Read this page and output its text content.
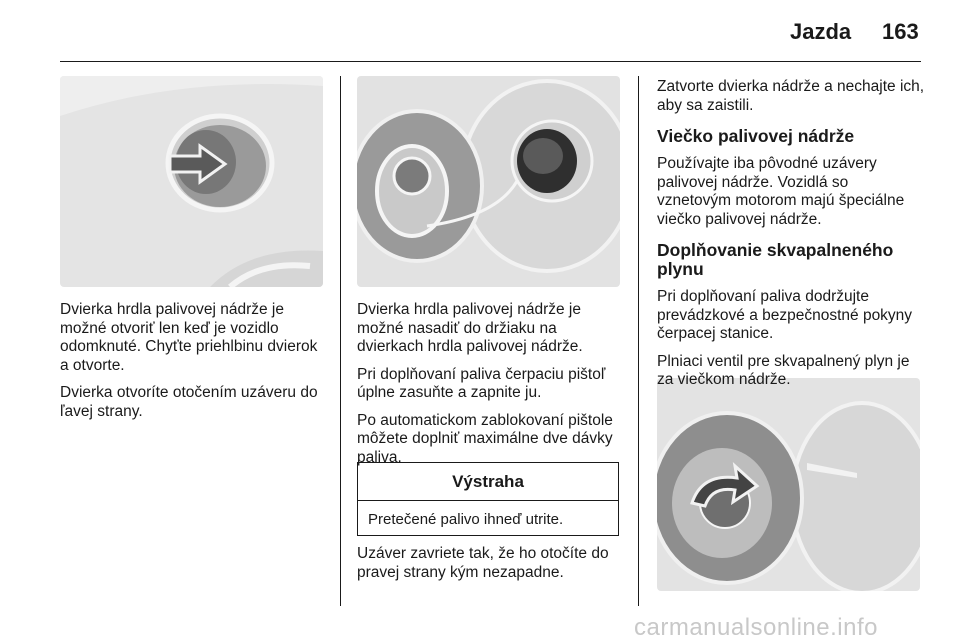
Jazda 163

Dvierka hrdla palivovej nádrže je možné otvoriť len keď je vozidlo odomknuté. Chyťte priehlbinu dvierok a otvorte.

Dvierka otvoríte otočením uzáveru do ľavej strany.

Dvierka hrdla palivovej nádrže je možné nasadiť do držiaku na dvierkach hrdla palivovej nádrže.

Pri doplňovaní paliva čerpaciu pištoľ úplne zasuňte a zapnite ju.

Po automatickom zablokovaní pištole môžete doplniť maximálne dve dávky paliva.

Výstraha
Pretečené palivo ihneď utrite.

Uzáver zavriete tak, že ho otočíte do pravej strany kým nezapadne.

Zatvorte dvierka nádrže a nechajte ich, aby sa zaistili.

Viečko palivovej nádrže

Používajte iba pôvodné uzávery palivovej nádrže. Vozidlá so vznetovým motorom majú špeciálne viečko palivovej nádrže.

Doplňovanie skvapalneného plynu

Pri doplňovaní paliva dodržujte prevádzkové a bezpečnostné pokyny čerpacej stanice.

Plniaci ventil pre skvapalnený plyn je za viečkom nádrže.

carmanualsonline.info
